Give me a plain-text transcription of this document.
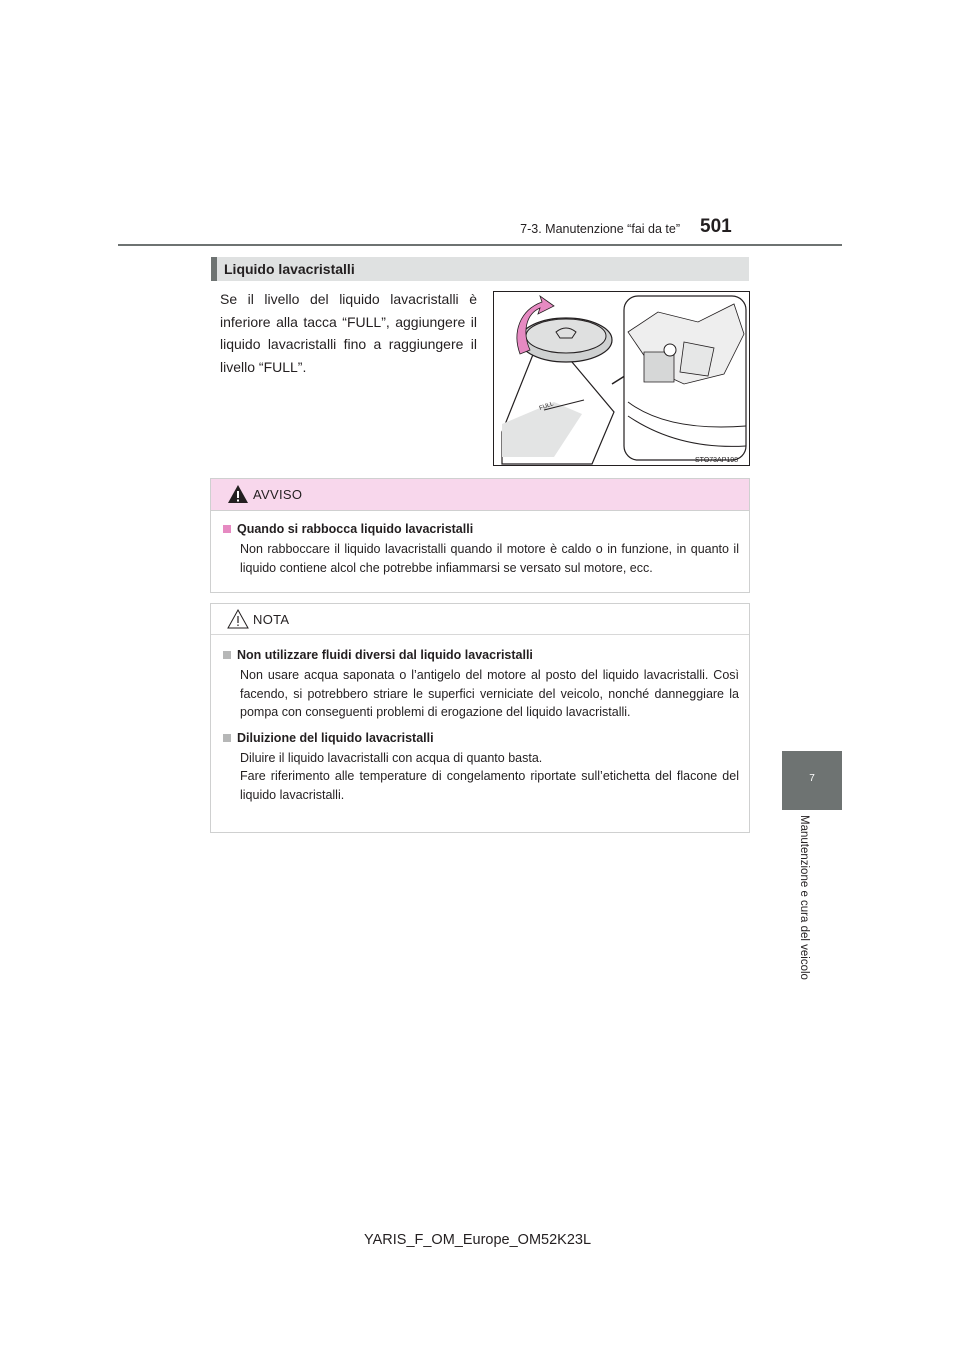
7-3. Manutenzione “fai da te” 501
7
Manutenzione e cura del veicolo
Liquido lavacristalli
Se il livello del liquido lavacristalli è inferiore alla tacca “FULL”, aggiungere il liquido lavacristalli fino a raggiungere il livello “FULL”.
FULL
STO73AP198
AVVISO

Quando si rabbocca liquido lavacristalli

Non rabboccare il liquido lavacristalli quando il motore è caldo o in funzione, in quanto il liquido contiene alcol che potrebbe infiammarsi se versato sul motore, ecc.

NOTA

Non utilizzare fluidi diversi dal liquido lavacristalli

Non usare acqua saponata o l’antigelo del motore al posto del liquido lavacristalli. Così facendo, si potrebbero striare le superfici verniciate del veicolo, nonché danneggiare la pompa con conseguenti problemi di erogazione del liquido lavacristalli.

Diluizione del liquido lavacristalli

Diluire il liquido lavacristalli con acqua di quanto basta.

Fare riferimento alle temperature di congelamento riportate sull’etichetta del flacone del liquido lavacristalli.

YARIS_F_OM_Europe_OM52K23L
